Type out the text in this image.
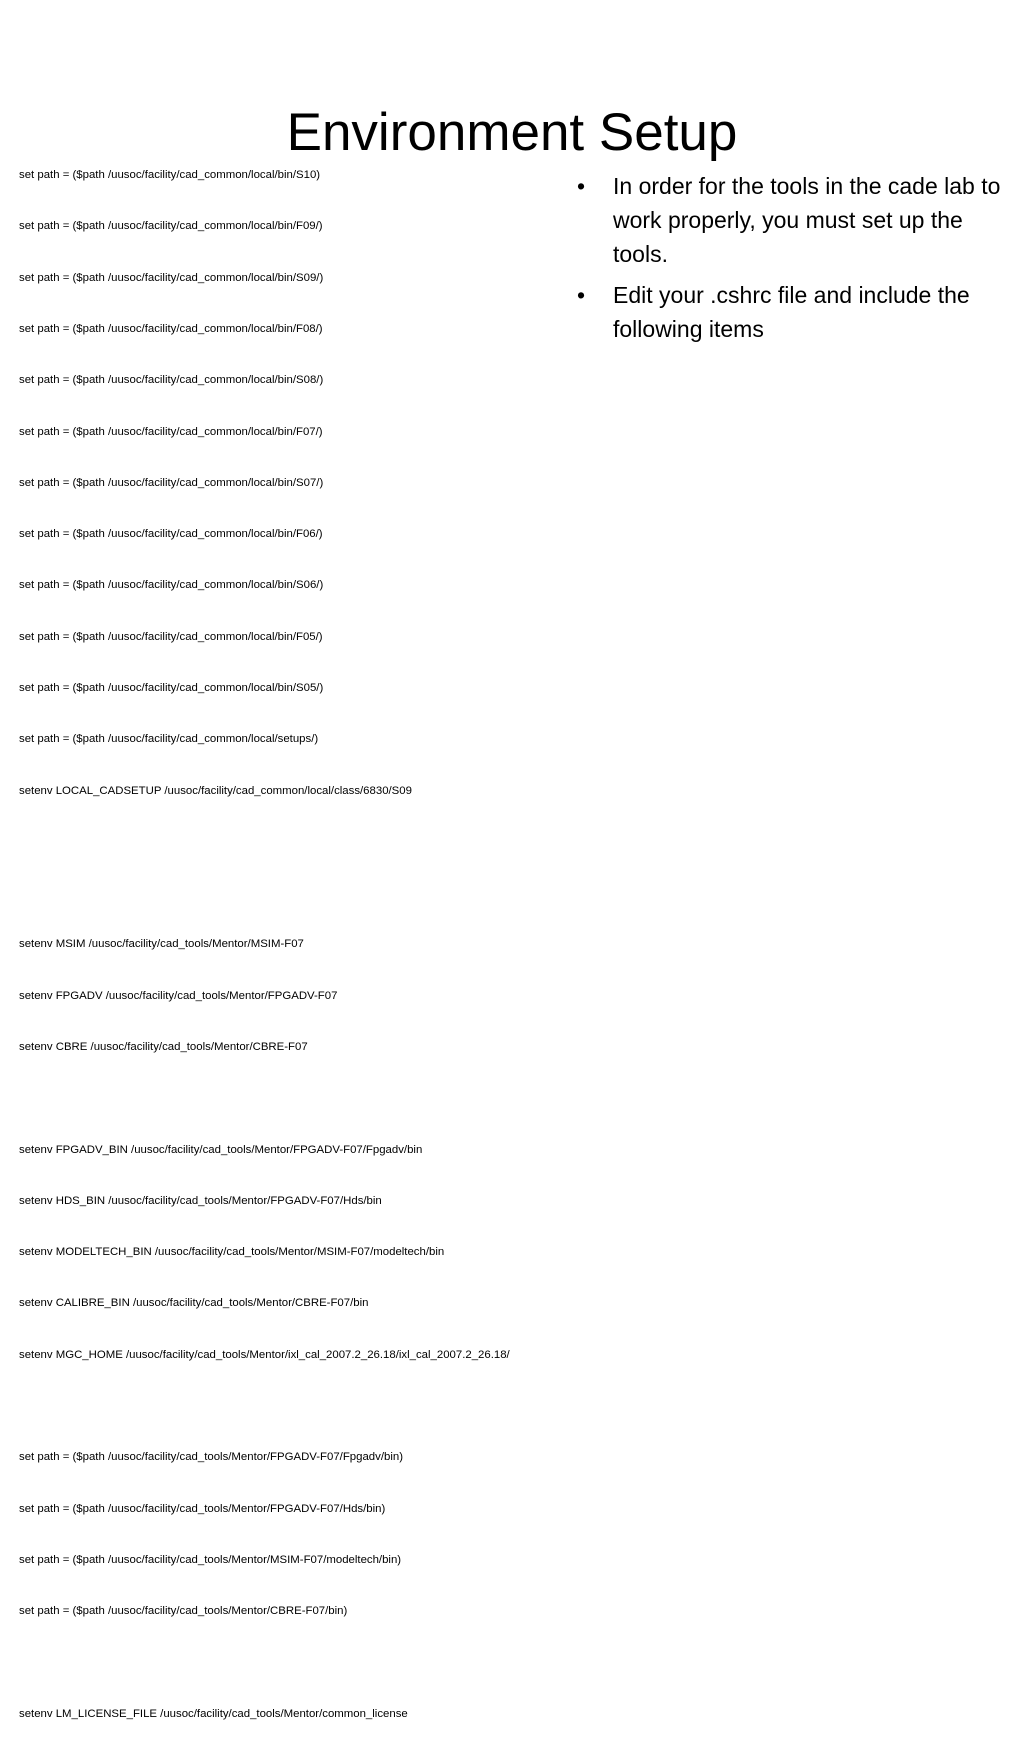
Environment Setup

set path = ($path /uusoc/facility/cad_common/local/bin/S10)

set path = ($path /uusoc/facility/cad_common/local/bin/F09/)

set path = ($path /uusoc/facility/cad_common/local/bin/S09/)

set path = ($path /uusoc/facility/cad_common/local/bin/F08/)

set path = ($path /uusoc/facility/cad_common/local/bin/S08/)

set path = ($path /uusoc/facility/cad_common/local/bin/F07/)

set path = ($path /uusoc/facility/cad_common/local/bin/S07/)

set path = ($path /uusoc/facility/cad_common/local/bin/F06/)

set path = ($path /uusoc/facility/cad_common/local/bin/S06/)

set path = ($path /uusoc/facility/cad_common/local/bin/F05/)

set path = ($path /uusoc/facility/cad_common/local/bin/S05/)

set path = ($path /uusoc/facility/cad_common/local/setups/)

setenv LOCAL_CADSETUP /uusoc/facility/cad_common/local/class/6830/S09

setenv MSIM /uusoc/facility/cad_tools/Mentor/MSIM-F07

setenv FPGADV /uusoc/facility/cad_tools/Mentor/FPGADV-F07

setenv CBRE /uusoc/facility/cad_tools/Mentor/CBRE-F07

setenv FPGADV_BIN /uusoc/facility/cad_tools/Mentor/FPGADV-F07/Fpgadv/bin

setenv HDS_BIN /uusoc/facility/cad_tools/Mentor/FPGADV-F07/Hds/bin

setenv MODELTECH_BIN /uusoc/facility/cad_tools/Mentor/MSIM-F07/modeltech/bin

setenv CALIBRE_BIN /uusoc/facility/cad_tools/Mentor/CBRE-F07/bin

setenv MGC_HOME /uusoc/facility/cad_tools/Mentor/ixl_cal_2007.2_26.18/ixl_cal_2007.2_26.18/

set path = ($path /uusoc/facility/cad_tools/Mentor/FPGADV-F07/Fpgadv/bin)

set path = ($path /uusoc/facility/cad_tools/Mentor/FPGADV-F07/Hds/bin)

set path = ($path /uusoc/facility/cad_tools/Mentor/MSIM-F07/modeltech/bin)

set path = ($path /uusoc/facility/cad_tools/Mentor/CBRE-F07/bin)

setenv LM_LICENSE_FILE /uusoc/facility/cad_tools/Mentor/common_license

• In order for the tools in the cade lab to work properly, you must set up the tools.
• Edit your .cshrc file and include the following items
